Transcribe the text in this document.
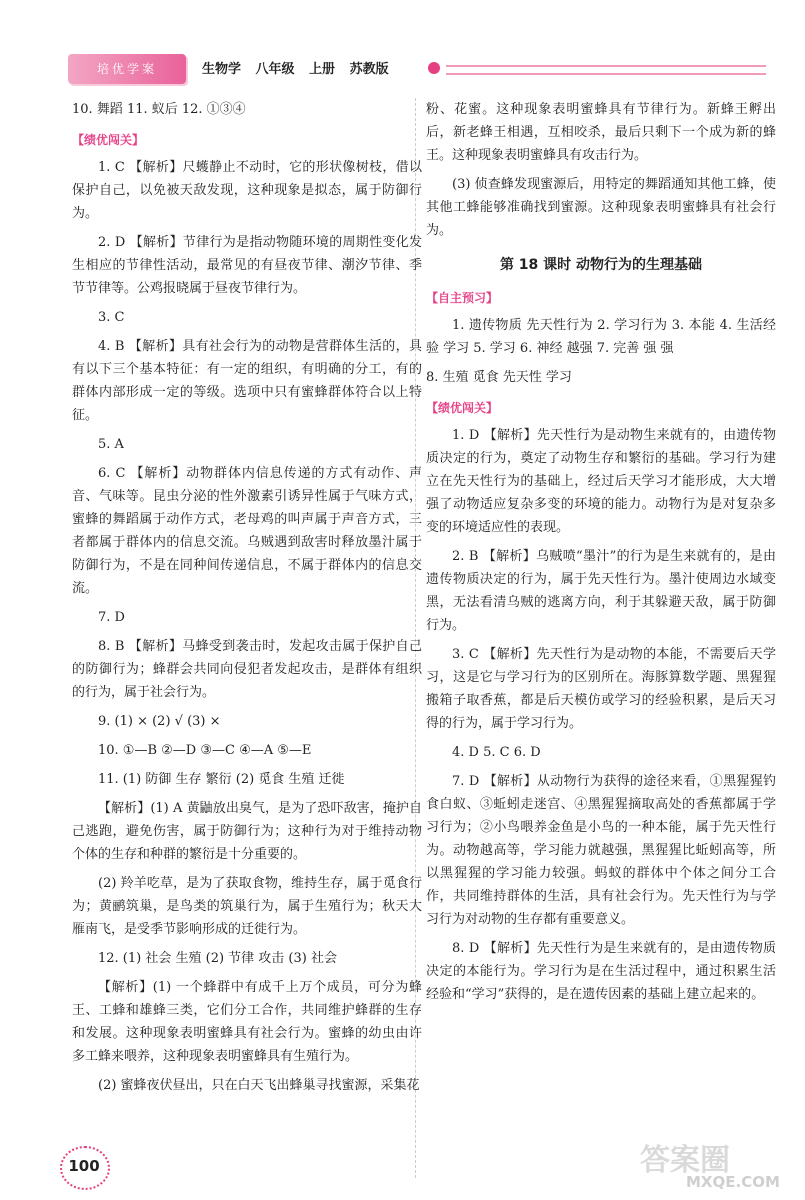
培优学案	生物学 八年级 上册 苏教版

10. 舞蹈 11. 蚁后 12. ①③④

【绩优闯关】

1. C 【解析】尺蠖静止不动时，它的形状像树枝，借以保护自己，以免被天敌发现，这种现象是拟态，属于防御行为。

2. D 【解析】节律行为是指动物随环境的周期性变化发生相应的节律性活动，最常见的有昼夜节律、潮汐节律、季节节律等。公鸡报晓属于昼夜节律行为。

3. C

4. B 【解析】具有社会行为的动物是营群体生活的，具有以下三个基本特征：有一定的组织，有明确的分工，有的群体内部形成一定的等级。选项中只有蜜蜂群体符合以上特征。

5. A

6. C 【解析】动物群体内信息传递的方式有动作、声音、气味等。昆虫分泌的性外激素引诱异性属于气味方式，蜜蜂的舞蹈属于动作方式，老母鸡的叫声属于声音方式，三者都属于群体内的信息交流。乌贼遇到敌害时释放墨汁属于防御行为，不是在同种间传递信息，不属于群体内的信息交流。

7. D

8. B 【解析】马蜂受到袭击时，发起攻击属于保护自己的防御行为；蜂群会共同向侵犯者发起攻击，是群体有组织的行为，属于社会行为。

9. (1) × (2) √ (3) ×

10. ①—B ②—D ③—C ④—A ⑤—E

11. (1) 防御 生存 繁衍 (2) 觅食 生殖 迁徙

【解析】(1) A 黄鼬放出臭气，是为了恐吓敌害，掩护自己逃跑，避免伤害，属于防御行为；这种行为对于维持动物个体的生存和种群的繁衍是十分重要的。

(2) 羚羊吃草，是为了获取食物，维持生存，属于觅食行为；黄鹂筑巢，是鸟类的筑巢行为，属于生殖行为；秋天大雁南飞，是受季节影响形成的迁徙行为。

12. (1) 社会 生殖 (2) 节律 攻击 (3) 社会

【解析】(1) 一个蜂群中有成千上万个成员，可分为蜂王、工蜂和雄蜂三类，它们分工合作，共同维护蜂群的生存和发展。这种现象表明蜜蜂具有社会行为。蜜蜂的幼虫由许多工蜂来喂养，这种现象表明蜜蜂具有生殖行为。

(2) 蜜蜂夜伏昼出，只在白天飞出蜂巢寻找蜜源，采集花

粉、花蜜。这种现象表明蜜蜂具有节律行为。新蜂王孵出后，新老蜂王相遇，互相咬杀，最后只剩下一个成为新的蜂王。这种现象表明蜜蜂具有攻击行为。

(3) 侦查蜂发现蜜源后，用特定的舞蹈通知其他工蜂，使其他工蜂能够准确找到蜜源。这种现象表明蜜蜂具有社会行为。

第 18 课时 动物行为的生理基础
【自主预习】

1. 遗传物质 先天性行为 2. 学习行为 3. 本能 4. 生活经验 学习 5. 学习 6. 神经 越强 7. 完善 强 强

8. 生殖 觅食 先天性 学习

【绩优闯关】

1. D 【解析】先天性行为是动物生来就有的，由遗传物质决定的行为，奠定了动物生存和繁衍的基础。学习行为建立在先天性行为的基础上，经过后天学习才能形成，大大增强了动物适应复杂多变的环境的能力。动物行为是对复杂多变的环境适应性的表现。

2. B 【解析】乌贼喷“墨汁”的行为是生来就有的，是由遗传物质决定的行为，属于先天性行为。墨汁使周边水域变黑，无法看清乌贼的逃离方向，利于其躲避天敌，属于防御行为。

3. C 【解析】先天性行为是动物的本能，不需要后天学习，这是它与学习行为的区别所在。海豚算数学题、黑猩猩搬箱子取香蕉，都是后天模仿或学习的经验积累，是后天习得的行为，属于学习行为。

4. D 5. C 6. D

7. D 【解析】从动物行为获得的途径来看，①黑猩猩钓食白蚁、③蚯蚓走迷宫、④黑猩猩摘取高处的香蕉都属于学习行为；②小鸟喂养金鱼是小鸟的一种本能，属于先天性行为。动物越高等，学习能力就越强，黑猩猩比蚯蚓高等，所以黑猩猩的学习能力较强。蚂蚁的群体中个体之间分工合作，共同维持群体的生活，具有社会行为。先天性行为与学习行为对动物的生存都有重要意义。

8. D 【解析】先天性行为是生来就有的，是由遗传物质决定的本能行为。学习行为是在生活过程中，通过积累生活经验和“学习”获得的，是在遗传因素的基础上建立起来的。

100	答案圈
MXQE.COM
